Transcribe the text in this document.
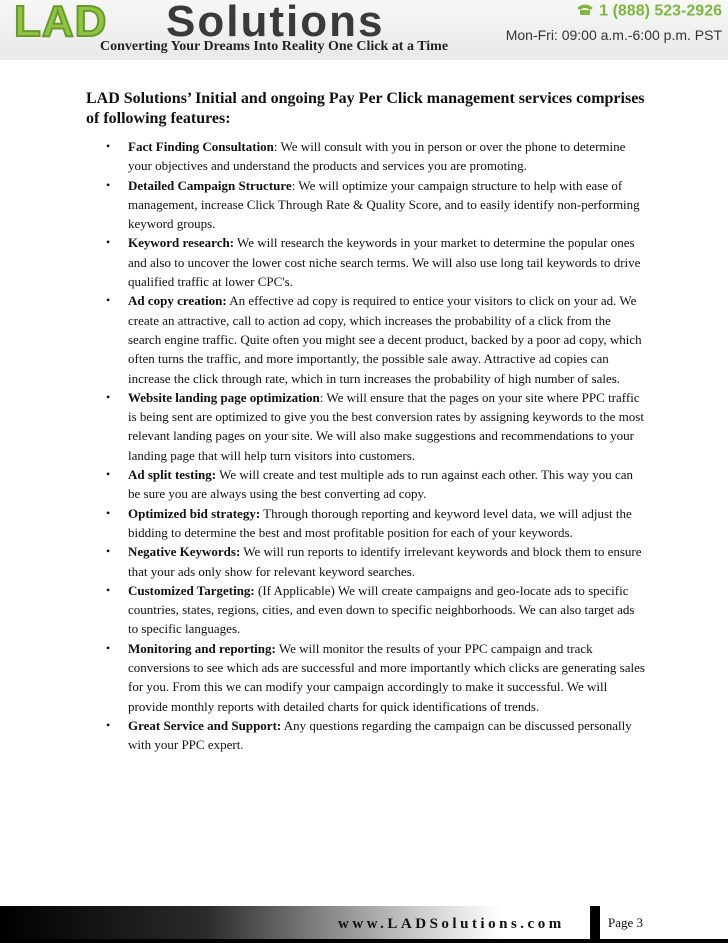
LAD Solutions
Converting Your Dreams Into Reality One Click at a Time
1 (888) 523-2926
Mon-Fri: 09:00 a.m.-6:00 p.m. PST
LAD Solutions’ Initial and ongoing Pay Per Click management services comprises of following features:
• Fact Finding Consultation: We will consult with you in person or over the phone to determine your objectives and understand the products and services you are promoting.
• Detailed Campaign Structure: We will optimize your campaign structure to help with ease of management, increase Click Through Rate & Quality Score, and to easily identify non-performing keyword groups.
• Keyword research: We will research the keywords in your market to determine the popular ones and also to uncover the lower cost niche search terms. We will also use long tail keywords to drive qualified traffic at lower CPC's.
• Ad copy creation: An effective ad copy is required to entice your visitors to click on your ad. We create an attractive, call to action ad copy, which increases the probability of a click from the search engine traffic. Quite often you might see a decent product, backed by a poor ad copy, which often turns the traffic, and more importantly, the possible sale away. Attractive ad copies can increase the click through rate, which in turn increases the probability of high number of sales.
• Website landing page optimization: We will ensure that the pages on your site where PPC traffic is being sent are optimized to give you the best conversion rates by assigning keywords to the most relevant landing pages on your site. We will also make suggestions and recommendations to your landing page that will help turn visitors into customers.
• Ad split testing: We will create and test multiple ads to run against each other. This way you can be sure you are always using the best converting ad copy.
• Optimized bid strategy: Through thorough reporting and keyword level data, we will adjust the bidding to determine the best and most profitable position for each of your keywords.
• Negative Keywords: We will run reports to identify irrelevant keywords and block them to ensure that your ads only show for relevant keyword searches.
• Customized Targeting: (If Applicable) We will create campaigns and geo-locate ads to specific countries, states, regions, cities, and even down to specific neighborhoods. We can also target ads to specific languages.
• Monitoring and reporting: We will monitor the results of your PPC campaign and track conversions to see which ads are successful and more importantly which clicks are generating sales for you. From this we can modify your campaign accordingly to make it successful. We will provide monthly reports with detailed charts for quick identifications of trends.
• Great Service and Support: Any questions regarding the campaign can be discussed personally with your PPC expert.
www.LADSolutions.com	Page 3
